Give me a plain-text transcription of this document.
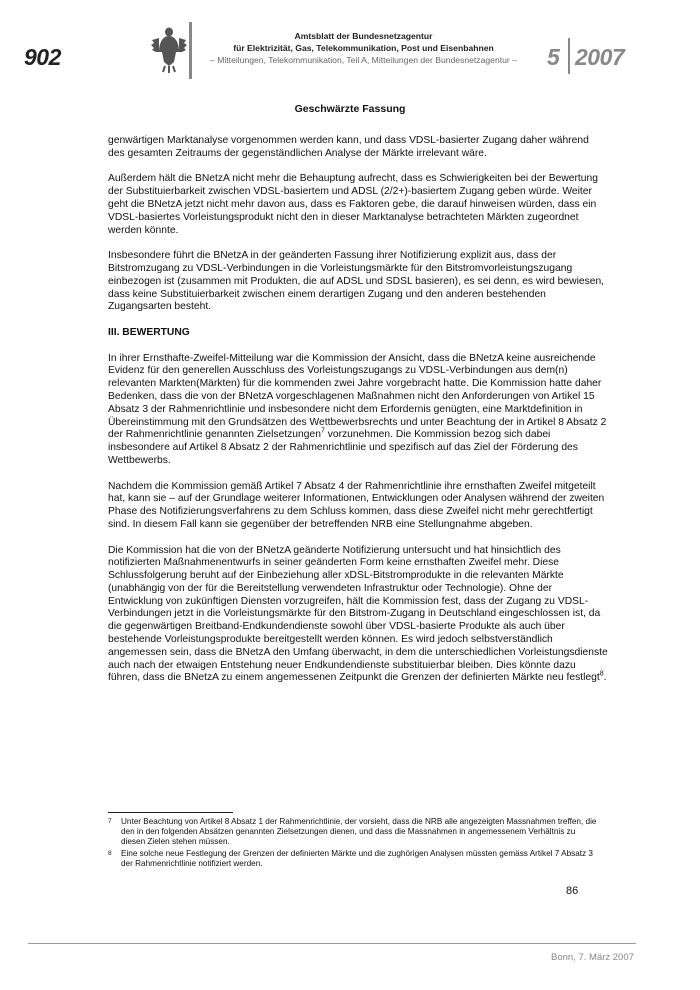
902
Amtsblatt der Bundesnetzagentur
für Elektrizität, Gas, Telekommunikation, Post und Eisenbahnen
– Mitteilungen, Telekommunikation, Teil A, Mitteilungen der Bundesnetzagentur –	5 2007
Geschwärzte Fassung

genwärtigen Marktanalyse vorgenommen werden kann, und dass VDSL-basierter Zugang daher während des gesamten Zeitraums der gegenständlichen Analyse der Märkte irrelevant wäre.

Außerdem hält die BNetzA nicht mehr die Behauptung aufrecht, dass es Schwierigkeiten bei der Bewertung der Substituierbarkeit zwischen VDSL-basiertem und ADSL (2/2+)-basiertem Zugang geben würde. Weiter geht die BNetzA jetzt nicht mehr davon aus, dass es Faktoren gebe, die darauf hinweisen würden, dass ein VDSL-basiertes Vorleistungsprodukt nicht den in dieser Marktanalyse betrachteten Märkten zugeordnet werden könnte.

Insbesondere führt die BNetzA in der geänderten Fassung ihrer Notifizierung explizit aus, dass der Bitstromzugang zu VDSL-Verbindungen in die Vorleistungsmärkte für den Bitstromvorleistungszugang einbezogen ist (zusammen mit Produkten, die auf ADSL und SDSL basieren), es sei denn, es wird bewiesen, dass keine Substituierbarkeit zwischen einem derartigen Zugang und den anderen bestehenden Zugangsarten besteht.

III. BEWERTUNG

In ihrer Ernsthafte-Zweifel-Mitteilung war die Kommission der Ansicht, dass die BNetzA keine ausreichende Evidenz für den generellen Ausschluss des Vorleistungszugangs zu VDSL-Verbindungen aus dem(n) relevanten Markten(Märkten) für die kommenden zwei Jahre vorgebracht hatte. Die Kommission hatte daher Bedenken, dass die von der BNetzA vorgeschlagenen Maßnahmen nicht den Anforderungen von Artikel 15 Absatz 3 der Rahmenrichtlinie und insbesondere nicht dem Erfordernis genügten, eine Marktdefinition in Übereinstimmung mit den Grundsätzen des Wettbewerbsrechts und unter Beachtung der in Artikel 8 Absatz 2 der Rahmenrichtlinie genannten Zielsetzungen$^7$ vorzunehmen. Die Kommission bezog sich dabei insbesondere auf Artikel 8 Absatz 2 der Rahmenrichtlinie und spezifisch auf das Ziel der Förderung des Wettbewerbs.

Nachdem die Kommission gemäß Artikel 7 Absatz 4 der Rahmenrichtlinie ihre ernsthaften Zweifel mitgeteilt hat, kann sie – auf der Grundlage weiterer Informationen, Entwicklungen oder Analysen während der zweiten Phase des Notifizierungsverfahrens zu dem Schluss kommen, dass diese Zweifel nicht mehr gerechtfertigt sind. In diesem Fall kann sie gegenüber der betreffenden NRB eine Stellungnahme abgeben.

Die Kommission hat die von der BNetzA geänderte Notifizierung untersucht und hat hinsichtlich des notifizierten Maßnahmenentwurfs in seiner geänderten Form keine ernsthaften Zweifel mehr. Diese Schlussfolgerung beruht auf der Einbeziehung aller xDSL-Bitstromprodukte in die relevanten Märkte (unabhängig von der für die Bereitstellung verwendeten Infrastruktur oder Technologie). Ohne der Entwicklung von zukünftigen Diensten vorzugreifen, hält die Kommission fest, dass der Zugang zu VDSL-Verbindungen jetzt in die Vorleistungsmärkte für den Bitstrom-Zugang in Deutschland eingeschlossen ist, da die gegenwärtigen Breitband-Endkundendienste sowohl über VDSL-basierte Produkte als auch über bestehende Vorleistungsprodukte bereitgestellt werden können. Es wird jedoch selbstverständlich angemessen sein, dass die BNetzA den Umfang überwacht, in dem die unterschiedlichen Vorleistungsdienste auch nach der etwaigen Entstehung neuer Endkundendienste substituierbar bleiben. Dies könnte dazu führen, dass die BNetzA zu einem angemessenen Zeitpunkt die Grenzen der definierten Märkte neu festlegt$^8$.

7	Unter Beachtung von Artikel 8 Absatz 1 der Rahmenrichtlinie, der vorsieht, dass die NRB alle angezeigten Massnahmen treffen, die den in den folgenden Absätzen genannten Zielsetzungen dienen, und dass die Massnahmen in angemessenem Verhältnis zu diesen Zielen stehen müssen.
8	Eine solche neue Festlegung der Grenzen der definierten Märkte und die zughörigen Analysen müssten gemäss Artikel 7 Absatz 3 der Rahmenrichtlinie notifiziert werden.
86
Bonn, 7. März 2007
